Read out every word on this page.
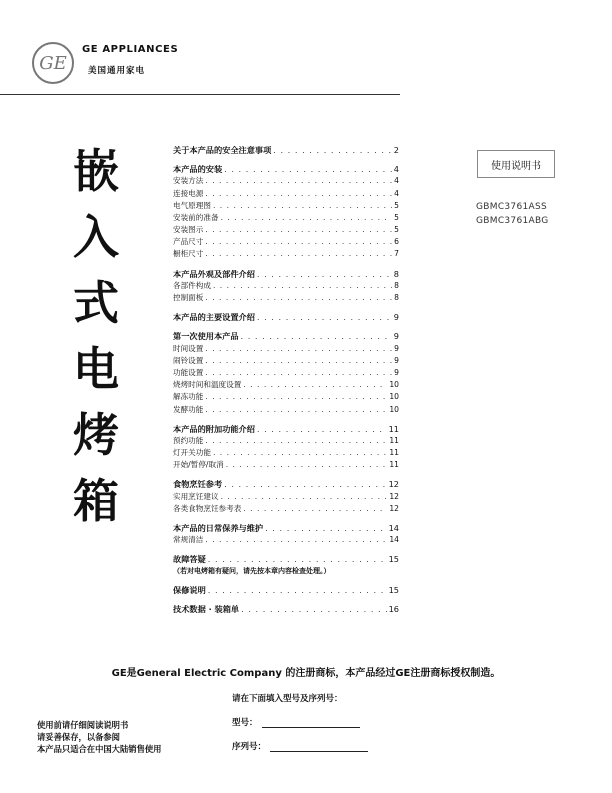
GE
GE APPLIANCES
美国通用家电
嵌
入
式
电
烤
箱
关于本产品的安全注意事项 . . .	2
本产品的安装 . . .	4
安装方法 . . .	4
连接电源 . . .	4
电气原理图 . . .	5
安装前的准备 . . .	5
安装图示 . . .	5
产品尺寸 . . .	6
橱柜尺寸 . . .	7
本产品外观及部件介绍 . . .	8
各部件构成 . . .	8
控制面板 . . .	8
本产品的主要设置介绍 . . .	9
第一次使用本产品 . . .	9
时间设置 . . .	9
闹铃设置 . . .	9
功能设置 . . .	9
烧烤时间和温度设置 . . .	10
解冻功能 . . .	10
发酵功能 . . .	10
本产品的附加功能介绍 . . .	11
预约功能 . . .	11
灯开关功能 . . .	11
开始/暂停/取消 . . .	11
食物烹饪参考 . . .	12
实用烹饪建议 . . .	12
各类食物烹饪参考表 . . .	12
本产品的日常保养与维护 . . .	14
常规清洁 . . .	14
故障答疑 . . .	15
（若对电烤箱有疑问，请先按本章内容检查处理。）
保修说明 . . .	15
技术数据 · 装箱单 . . .	16
使用说明书
GBMC3761ASS
GBMC3761ABG
GE是General Electric Company 的注册商标，本产品经过GE注册商标授权制造。
请在下面填入型号及序列号：
型号：
序列号：
使用前请仔细阅读说明书
请妥善保存，以备参阅
本产品只适合在中国大陆销售使用
